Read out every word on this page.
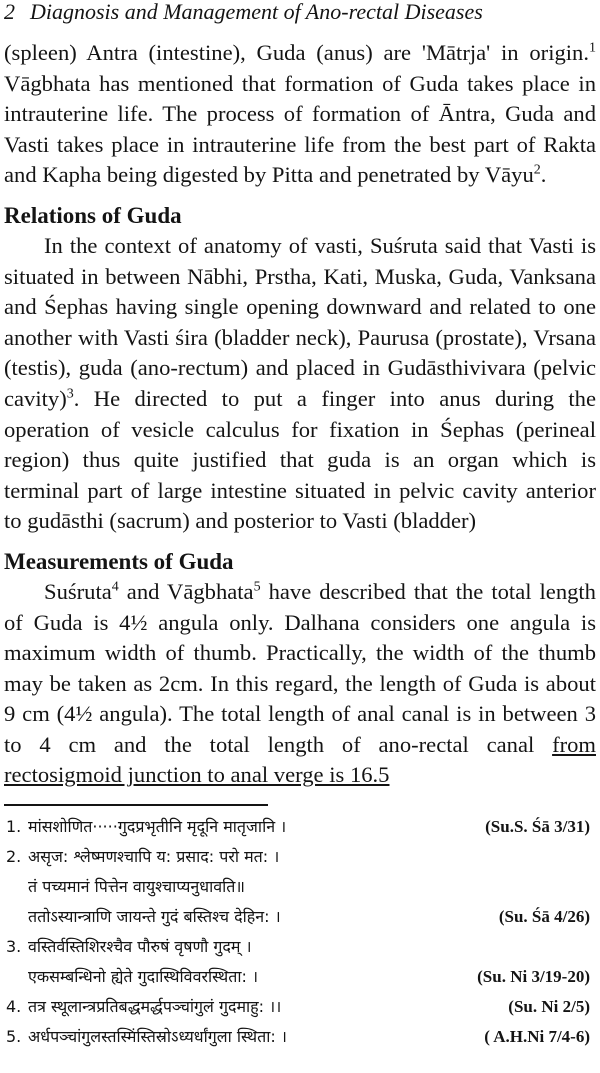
2 Diagnosis and Management of Ano-rectal Diseases

(spleen) Antra (intestine), Guda (anus) are 'Mātrja' in origin.$^1$ Vāgbhata has mentioned that formation of Guda takes place in intrauterine life. The process of formation of Āntra, Guda and Vasti takes place in intrauterine life from the best part of Rakta and Kapha being digested by Pitta and penetrated by Vāyu$^2$.

Relations of Guda

In the context of anatomy of vasti, Suśruta said that Vasti is situated in between Nābhi, Prstha, Kati, Muska, Guda, Vanksana and Śephas having single opening downward and related to one another with Vasti śira (bladder neck), Paurusa (prostate), Vrsana (testis), guda (ano-rectum) and placed in Gudāsthivivara (pelvic cavity)$^3$. He directed to put a finger into anus during the operation of vesicle calculus for fixation in Śephas (perineal region) thus quite justified that guda is an organ which is terminal part of large intestine situated in pelvic cavity anterior to gudāsthi (sacrum) and posterior to Vasti (bladder)

Measurements of Guda

Suśruta$^4$ and Vāgbhata$^5$ have described that the total length of Guda is 4½ angula only. Dalhana considers one angula is maximum width of thumb. Practically, the width of the thumb may be taken as 2cm. In this regard, the length of Guda is about 9 cm (4½ angula). The total length of anal canal is in between 3 to 4 cm and the total length of ano-rectal canal from rectosigmoid junction to anal verge is 16.5

1. मांसशोणित·····गुदप्रभृतीनि मृदूनि मातृजानि ।	(Su.S. Śā 3/31)
2. असृज: श्लेष्मणश्चापि य: प्रसाद: परो मत: ।
तं पच्यमानं पित्तेन वायुश्चाप्यनुधावति॥
ततोऽस्यान्त्राणि जायन्ते गुदं बस्तिश्च देहिन: ।	(Su. Śā 4/26)
3. वस्तिर्वस्तिशिरश्चैव पौरुषं वृषणौ गुदम् ।
एकसम्बन्धिनो ह्येते गुदास्थिविवरस्थिता: ।	(Su. Ni 3/19-20)
4. तत्र स्थूलान्त्रप्रतिबद्धमर्द्धपञ्चांगुलं गुदमाहु: ।।	(Su. Ni 2/5)
5. अर्धपञ्चांगुलस्तस्मिंस्तिस्रोऽध्यर्धांगुला स्थिता: ।	( A.H.Ni 7/4-6)
